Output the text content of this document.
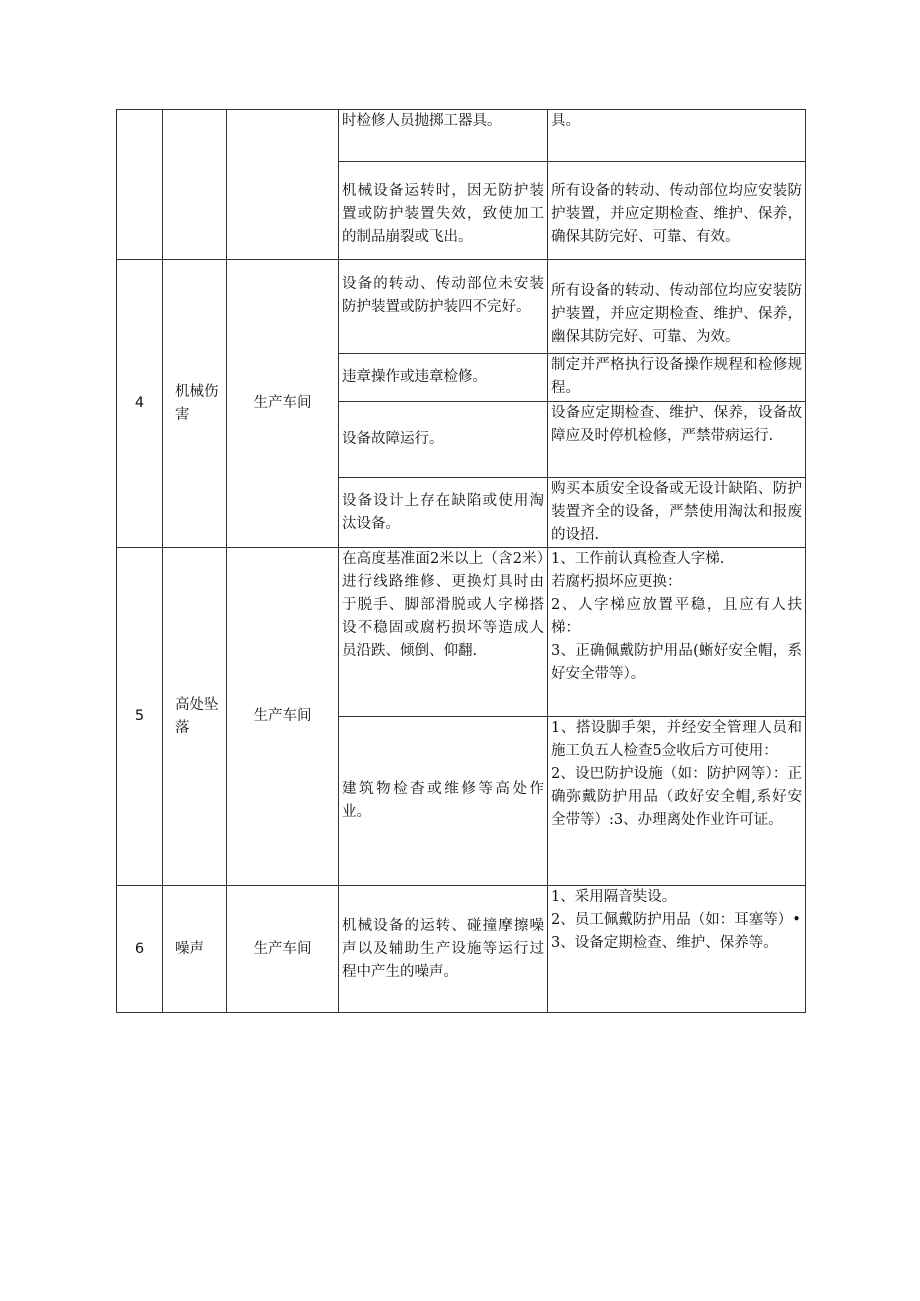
			时检修人员抛掷工器具。	具。
			机械设备运转时，因无防护装置或防护装置失效，致使加工的制品崩裂或飞出。	所有设备的转动、传动部位均应安装防护装置，并应定期检查、维护、保养，确保其防完好、可靠、有效。
4	机械伤害	生产车间	设备的转动、传动部位未安装防护装置或防护装四不完好。	所有设备的转动、传动部位均应安装防护装置，并应定期检查、维护、保养，幽保其防完好、可靠、为效。
			违章操作或违章检修。	制定并严格执行设备操作规程和检修规程。
			设备故障运行。	设备应定期检查、维护、保养，设备故障应及时停机检修，严禁带病运行.
			设备设计上存在缺陷或使用淘汰设备。	购买本质安全设备或无设计缺陷、防护装置齐全的设备，严禁使用淘汰和报废的设招.
5	高处坠落	生产车间	在高度基准面2米以上（含2米）进行线路维修、更换灯具时由于脱手、脚部滑脱或人字梯搭设不稳固或腐朽损坏等造成人员沿跌、倾倒、仰翻.	1、工作前认真检查人字梯.
若腐朽损坏应更换：
2、人字梯应放置平稳，且应有人扶梯：
3、正确佩戴防护用品(蜥好安全帽，系好安全带等）。

			建筑物检杳或维修等高处作业。	1、搭设脚手架，并经安全管理人员和施工负五人检查5佥收后方可使用：
2、设巴防护设施（如：防护网等）：正确弥戴防护用品（政好安全帽,系好安全带等）:3、办理离处作业许可证。

6	噪声	生产车间	机械设备的运转、碰撞摩擦噪声以及辅助生产设施等运行过程中产生的噪声。	1、采用隔音奘设。
2、员工佩戴防护用品（如：耳塞等）•
3、设备定期检查、维护、保养等。
